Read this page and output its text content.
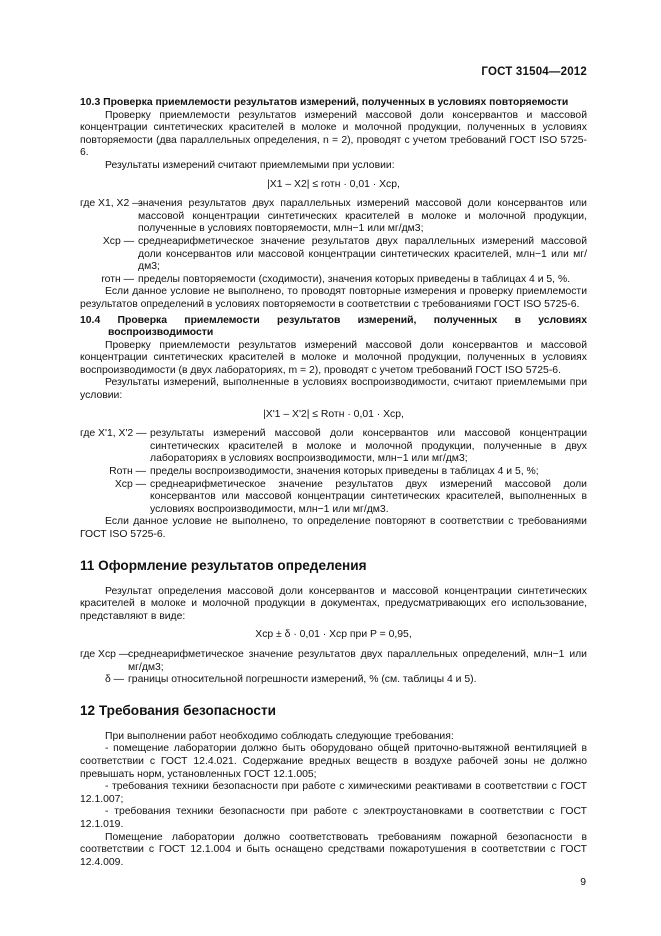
ГОСТ 31504—2012

10.3 Проверка приемлемости результатов измерений, полученных в условиях повторяемости

Проверку приемлемости результатов измерений массовой доли консервантов и массовой концентрации синтетических красителей в молоке и молочной продукции, полученных в условиях повторяемости (два параллельных определения, n = 2), проводят с учетом требований ГОСТ ISO 5725-6.

Результаты измерений считают приемлемыми при условии:

|X1 – X2| ≤ rотн · 0,01 · Xср,

где X1, X2 —
значения результатов двух параллельных измерений массовой доли консервантов или массовой концентрации синтетических красителей в молоке и молочной продукции, полученные в условиях повторяемости, млн−1 или мг/дм3;
Xср — среднеарифметическое значение результатов двух параллельных измерений массовой доли консервантов или массовой концентрации синтетических красителей, млн−1 или мг/дм3;
rотн — пределы повторяемости (сходимости), значения которых приведены в таблицах 4 и 5, %.

Если данное условие не выполнено, то проводят повторные измерения и проверку приемлемости результатов определений в условиях повторяемости в соответствии с требованиями ГОСТ ISO 5725-6.

10.4 Проверка приемлемости результатов измерений, полученных в условиях воспроизводимости

Проверку приемлемости результатов измерений массовой доли консервантов и массовой концентрации синтетических красителей в молоке и молочной продукции, полученных в условиях воспроизводимости (в двух лабораториях, m = 2), проводят с учетом требований ГОСТ ISO 5725-6.

Результаты измерений, выполненные в условиях воспроизводимости, считают приемлемыми при условии:

|X'1 – X'2| ≤ Rотн · 0,01 · Xср,

где X'1, X'2 — результаты измерений массовой доли консервантов или массовой концентрации синтетических красителей в молоке и молочной продукции, полученные в двух лабораториях в условиях воспроизводимости, млн−1 или мг/дм3;
Rотн — пределы воспроизводимости, значения которых приведены в таблицах 4 и 5, %;
Xср — среднеарифметическое значение результатов двух измерений массовой доли консервантов или массовой концентрации синтетических красителей, выполненных в условиях воспроизводимости, млн−1 или мг/дм3.

Если данное условие не выполнено, то определение повторяют в соответствии с требованиями ГОСТ ISO 5725-6.

11 Оформление результатов определения

Результат определения массовой доли консервантов и массовой концентрации синтетических красителей в молоке и молочной продукции в документах, предусматривающих его использование, представляют в виде:

Xср ± δ · 0,01 · Xср при P = 0,95,

где Xср —
среднеарифметическое значение результатов двух параллельных определений, млн−1 или мг/дм3;
δ — границы относительной погрешности измерений, % (см. таблицы 4 и 5).
12 Требования безопасности

При выполнении работ необходимо соблюдать следующие требования:

- помещение лаборатории должно быть оборудовано общей приточно-вытяжной вентиляцией в соответствии с ГОСТ 12.4.021. Содержание вредных веществ в воздухе рабочей зоны не должно превышать норм, установленных ГОСТ 12.1.005;

- требования техники безопасности при работе с химическими реактивами в соответствии с ГОСТ 12.1.007;

- требования техники безопасности при работе с электроустановками в соответствии с ГОСТ 12.1.019.

Помещение лаборатории должно соответствовать требованиям пожарной безопасности в соответствии с ГОСТ 12.1.004 и быть оснащено средствами пожаротушения в соответствии с ГОСТ 12.4.009.

9
